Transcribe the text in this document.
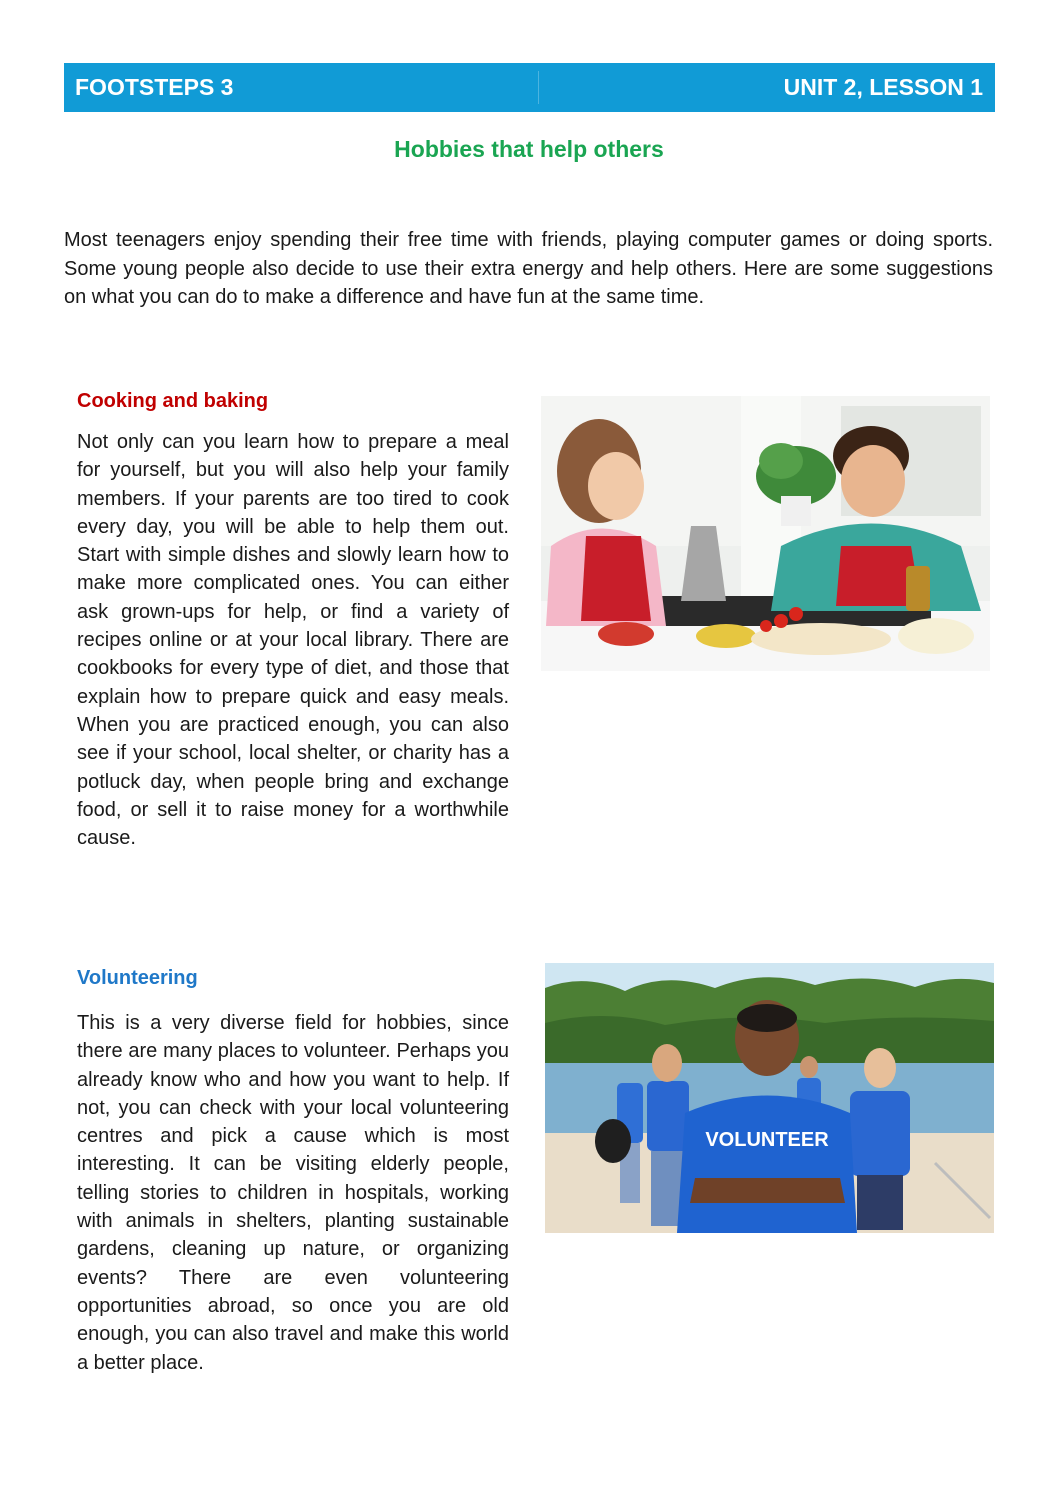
FOOTSTEPS 3	UNIT 2, LESSON 1
Hobbies that help others

Most teenagers enjoy spending their free time with friends, playing computer games or doing sports. Some young people also decide to use their extra energy and help others. Here are some suggestions on what you can do to make a difference and have fun at the same time.

Cooking and baking

Not only can you learn how to prepare a meal for yourself, but you will also help your family members. If your parents are too tired to cook every day, you will be able to help them out. Start with simple dishes and slowly learn how to make more complicated ones. You can either ask grown-ups for help, or find a variety of recipes online or at your local library. There are cookbooks for every type of diet, and those that explain how to prepare quick and easy meals. When you are practiced enough, you can also see if your school, local shelter, or charity has a potluck day, when people bring and exchange food, or sell it to raise money for a worthwhile cause.

Volunteering

This is a very diverse field for hobbies, since there are many places to volunteer. Perhaps you already know who and how you want to help. If not, you can check with your local volunteering centres and pick a cause which is most interesting. It can be visiting elderly people, telling stories to children in hospitals, working with animals in shelters, planting sustainable gardens, cleaning up nature, or organizing events? There are even volunteering opportunities abroad, so once you are old enough, you can also travel and make this world a better place.

VOLUNTEER
